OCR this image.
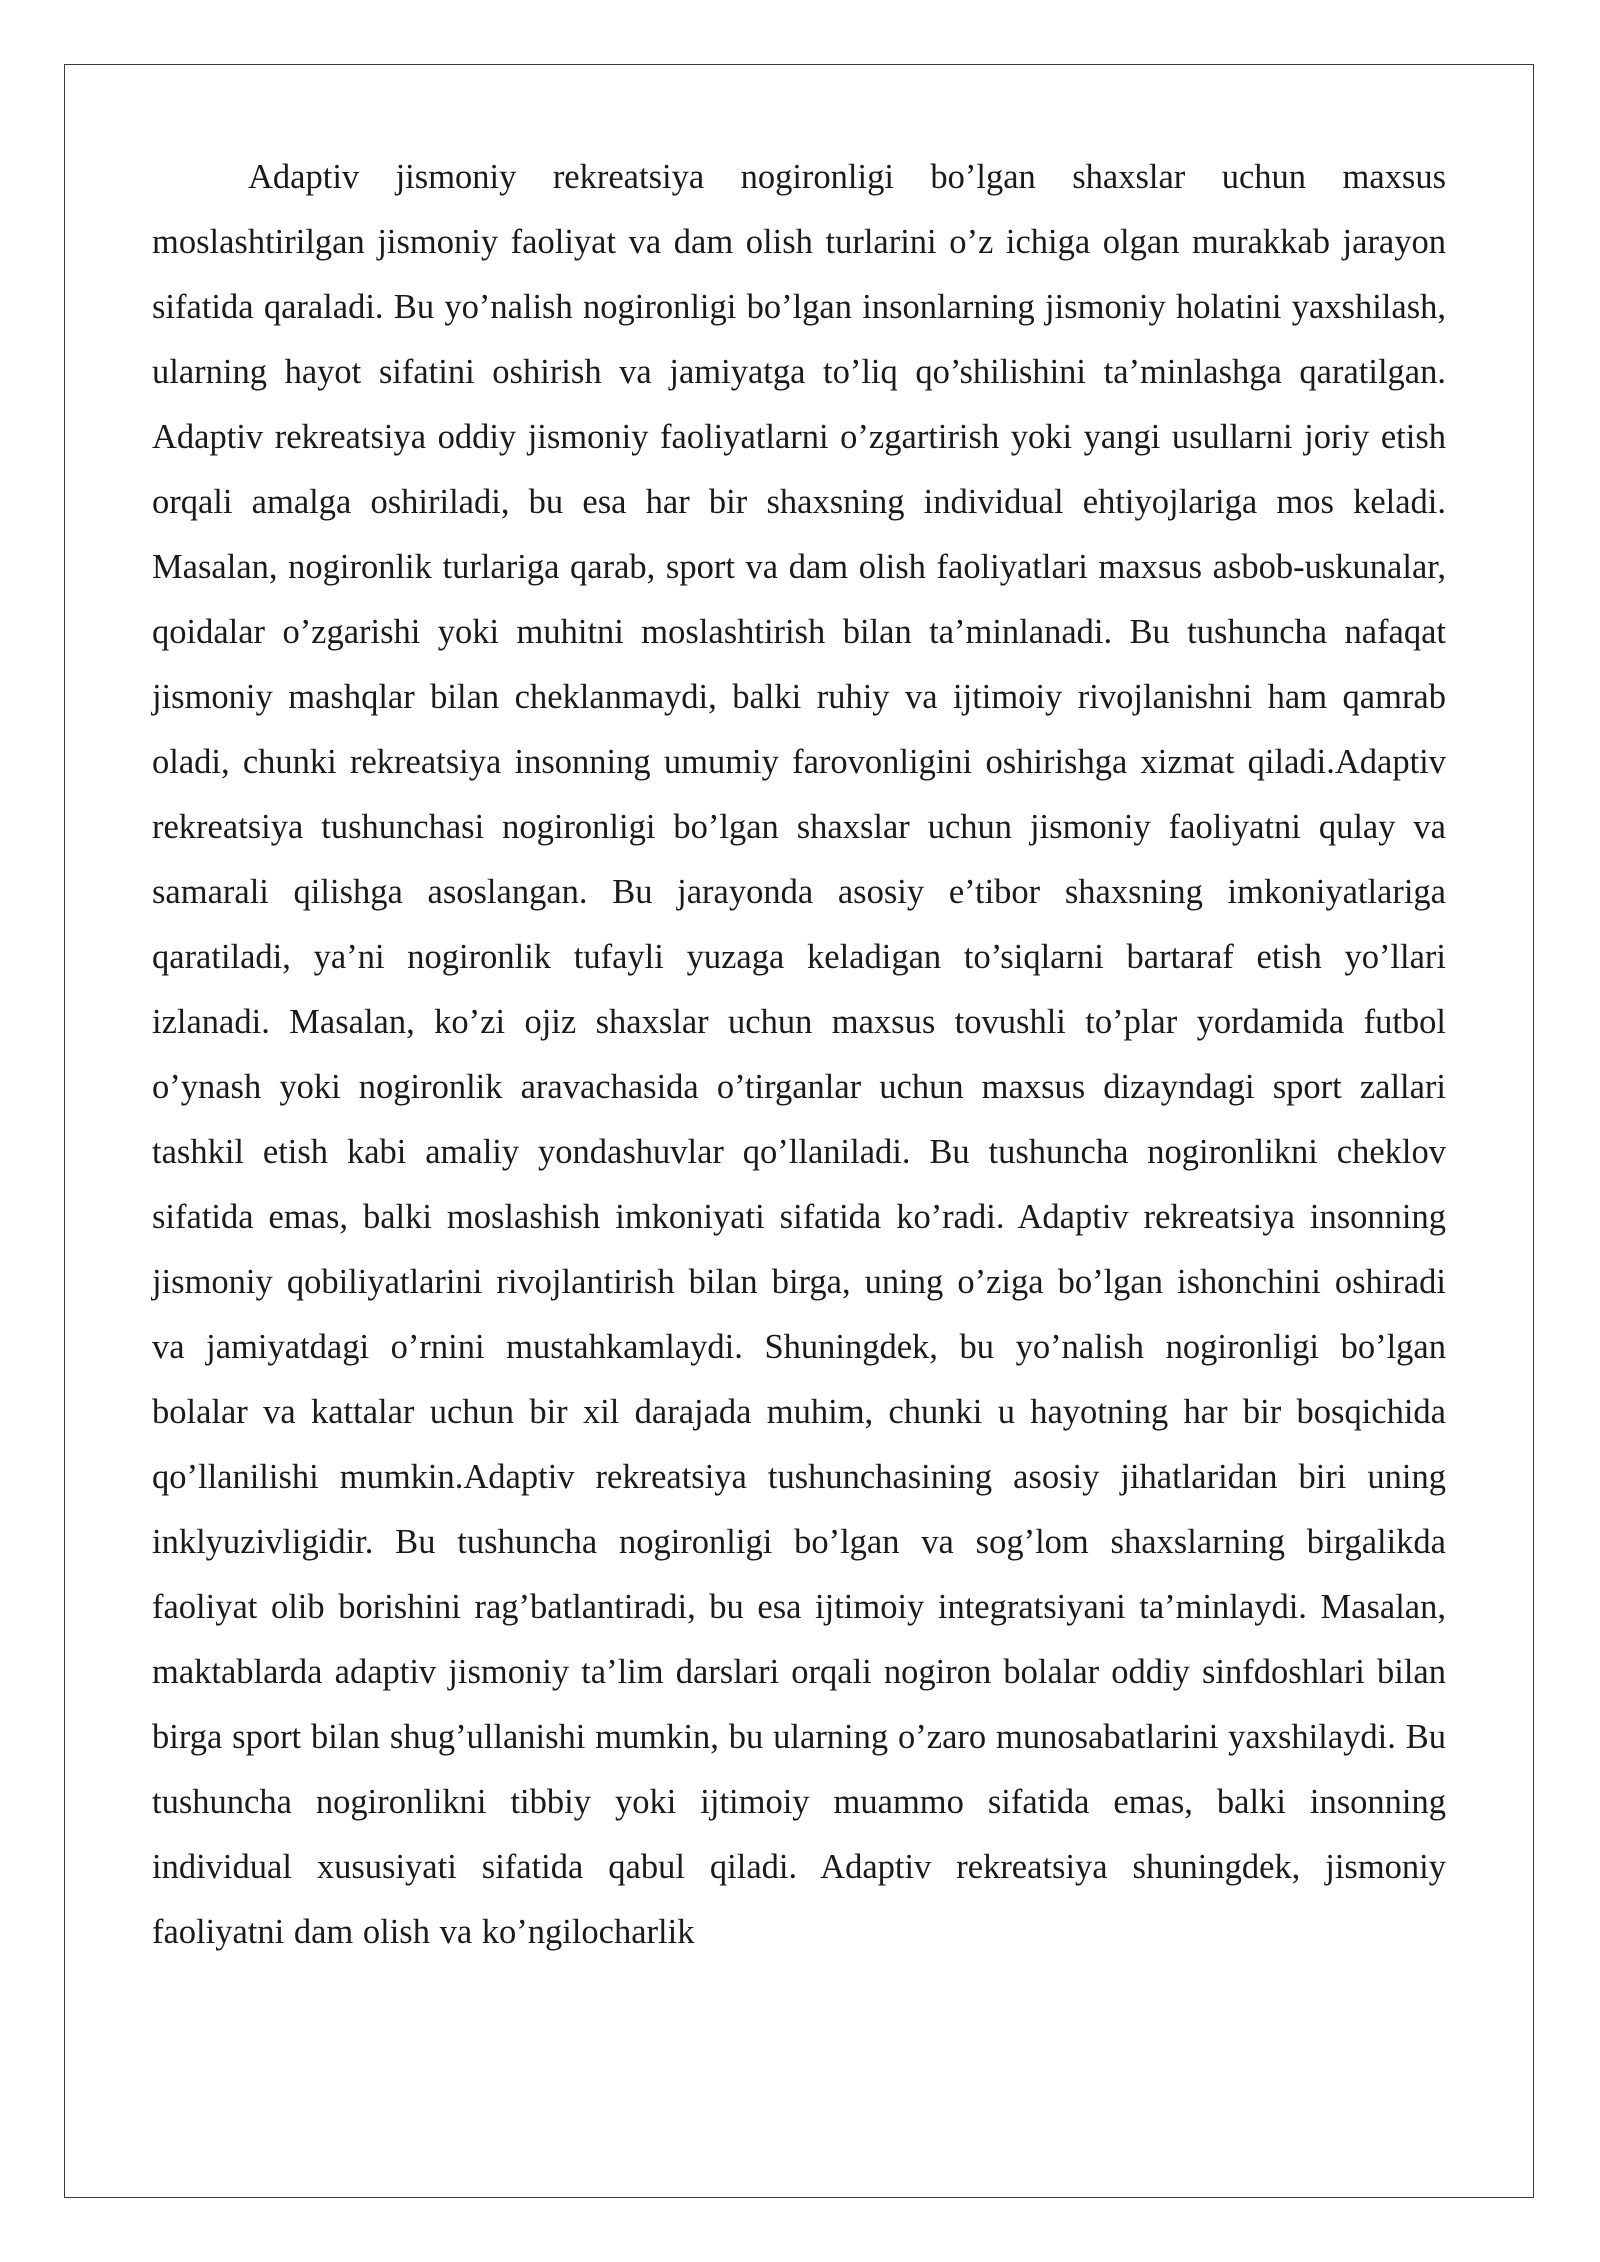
Adaptiv jismoniy rekreatsiya nogironligi bo’lgan shaxslar uchun maxsus moslashtirilgan jismoniy faoliyat va dam olish turlarini o’z ichiga olgan murakkab jarayon sifatida qaraladi. Bu yo’nalish nogironligi bo’lgan insonlarning jismoniy holatini yaxshilash, ularning hayot sifatini oshirish va jamiyatga to’liq qo’shilishini ta’minlashga qaratilgan. Adaptiv rekreatsiya oddiy jismoniy faoliyatlarni o’zgartirish yoki yangi usullarni joriy etish orqali amalga oshiriladi, bu esa har bir shaxsning individual ehtiyojlariga mos keladi. Masalan, nogironlik turlariga qarab, sport va dam olish faoliyatlari maxsus asbob-uskunalar, qoidalar o’zgarishi yoki muhitni moslashtirish bilan ta’minlanadi. Bu tushuncha nafaqat jismoniy mashqlar bilan cheklanmaydi, balki ruhiy va ijtimoiy rivojlanishni ham qamrab oladi, chunki rekreatsiya insonning umumiy farovonligini oshirishga xizmat qiladi.Adaptiv rekreatsiya tushunchasi nogironligi bo’lgan shaxslar uchun jismoniy faoliyatni qulay va samarali qilishga asoslangan. Bu jarayonda asosiy e’tibor shaxsning imkoniyatlariga qaratiladi, ya’ni nogironlik tufayli yuzaga keladigan to’siqlarni bartaraf etish yo’llari izlanadi. Masalan, ko’zi ojiz shaxslar uchun maxsus tovushli to’plar yordamida futbol o’ynash yoki nogironlik aravachasida o’tirganlar uchun maxsus dizayndagi sport zallari tashkil etish kabi amaliy yondashuvlar qo’llaniladi. Bu tushuncha nogironlikni cheklov sifatida emas, balki moslashish imkoniyati sifatida ko’radi. Adaptiv rekreatsiya insonning jismoniy qobiliyatlarini rivojlantirish bilan birga, uning o’ziga bo’lgan ishonchini oshiradi va jamiyatdagi o’rnini mustahkamlaydi. Shuningdek, bu yo’nalish nogironligi bo’lgan bolalar va kattalar uchun bir xil darajada muhim, chunki u hayotning har bir bosqichida qo’llanilishi mumkin.Adaptiv rekreatsiya tushunchasining asosiy jihatlaridan biri uning inklyuzivligidir. Bu tushuncha nogironligi bo’lgan va sog’lom shaxslarning birgalikda faoliyat olib borishini rag’batlantiradi, bu esa ijtimoiy integratsiyani ta’minlaydi. Masalan, maktablarda adaptiv jismoniy ta’lim darslari orqali nogiron bolalar oddiy sinfdoshlari bilan birga sport bilan shug’ullanishi mumkin, bu ularning o’zaro munosabatlarini yaxshilaydi. Bu tushuncha nogironlikni tibbiy yoki ijtimoiy muammo sifatida emas, balki insonning individual xususiyati sifatida qabul qiladi. Adaptiv rekreatsiya shuningdek, jismoniy faoliyatni dam olish va ko’ngilocharlik
